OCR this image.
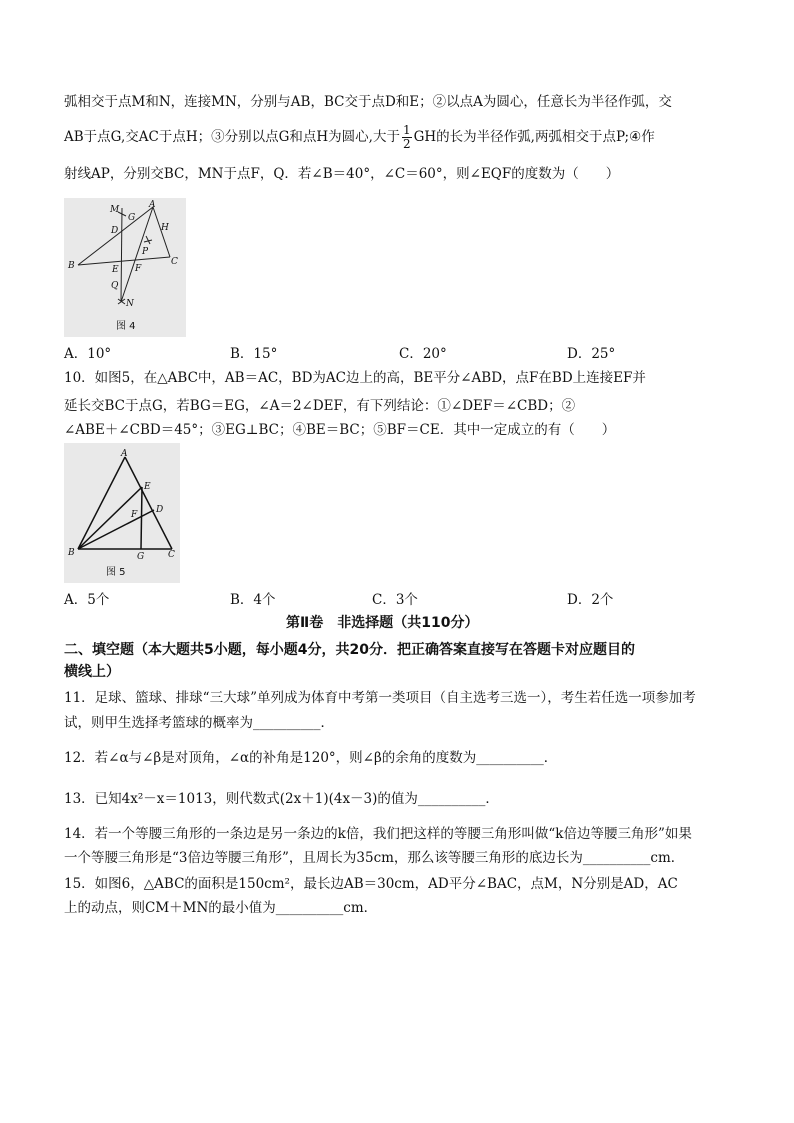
弧相交于点M和N，连接MN，分别与AB，BC交于点D和E；②以点A为圆心，任意长为半径作弧，交
AB于点G,交AC于点H；③分别以点G和点H为圆心,大于 $\frac{1}{2}$ GH的长为半径作弧,两弧相交于点P;④作
射线AP，分别交BC，MN于点F，Q．若∠B＝40°，∠C＝60°，则∠EQF的度数为（　　）
M
G
A
D	H
P
B	E F
C
Q
N
图 4
A．10°	B．15°	C．20°	D．25°
10．如图5，在△ABC中，AB＝AC，BD为AC边上的高，BE平分∠ABD，点F在BD上连接EF并
延长交BC于点G，若BG＝EG，∠A＝2∠DEF，有下列结论：①∠DEF＝∠CBD；②
∠ABE＋∠CBD＝45°；③EG⊥BC；④BE＝BC；⑤BF＝CE．其中一定成立的有（　　）
A
E
F D
B	G	C
图 5
A．5个	B．4个	C．3个	D．2个
第Ⅱ卷　非选择题（共110分）
二、填空题（本大题共5小题，每小题4分，共20分．把正确答案直接写在答题卡对应题目的
横线上）
11．足球、篮球、排球“三大球”单列成为体育中考第一类项目（自主选考三选一），考生若任选一项参加考
试，则甲生选择考篮球的概率为__________．
12．若∠α与∠β是对顶角，∠α的补角是120°，则∠β的余角的度数为__________．
13．已知4x²－x＝1013，则代数式(2x＋1)(4x－3)的值为__________．
14．若一个等腰三角形的一条边是另一条边的k倍，我们把这样的等腰三角形叫做“k倍边等腰三角形”如果
一个等腰三角形是“3倍边等腰三角形”，且周长为35cm，那么该等腰三角形的底边长为__________cm．
15．如图6，△ABC的面积是150cm²，最长边AB＝30cm，AD平分∠BAC，点M，N分别是AD，AC
上的动点，则CM＋MN的最小值为__________cm．
